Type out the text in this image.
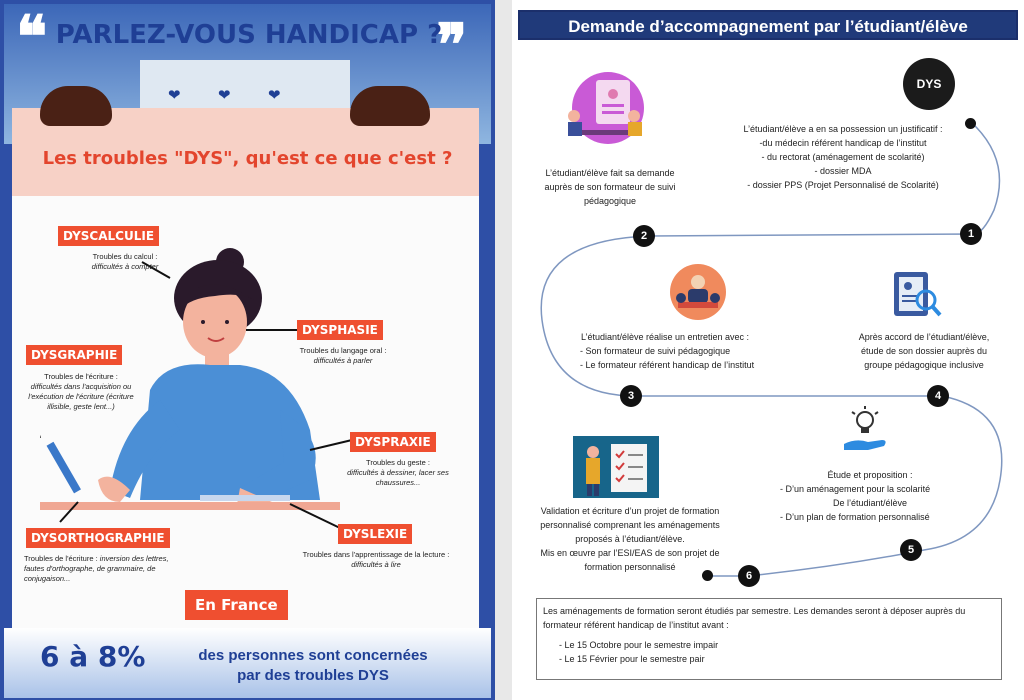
❤ ❤ ❤
❝	❞
PARLEZ-VOUS HANDICAP ?
Les troubles "DYS", qu'est ce que c'est ?
DYSCALCULIE
Troubles du calcul :
difficultés à compter
DYSPHASIE
Troubles du langage oral :
difficultés à parler
DYSGRAPHIE
Troubles de l'écriture :
difficultés dans l'acquisition ou l'exécution de l'écriture (écriture illisible, geste lent...)
DYSPRAXIE
Troubles du geste :
difficultés à dessiner, lacer ses chaussures...
DYSORTHOGRAPHIE
Troubles de l'écriture : inversion des lettres, fautes d'orthographe, de grammaire, de conjugaison...
DYSLEXIE
Troubles dans l'apprentissage de la lecture :
difficultés à lire
En France
6 à 8%	des personnes sont concernées
par des troubles DYS
Demande d’accompagnement par l’étudiant/élève
DYS
L’étudiant/élève a en sa possession un justificatif :
-du médecin référent handicap de l’institut
- du rectorat (aménagement de scolarité)
- dossier MDA
- dossier PPS (Projet Personnalisé de Scolarité)
1
L’étudiant/élève fait sa demande
auprès de son formateur de suivi
pédagogique
2
L’étudiant/élève réalise un entretien avec :
- Son formateur de suivi pédagogique
- Le formateur référent handicap de l’institut
3
Après accord de l’étudiant/élève,
étude de son dossier auprès du
groupe pédagogique inclusive
4
Étude et proposition :
- D’un aménagement pour la scolarité
De l’étudiant/élève
- D’un plan de formation personnalisé
5
Validation et écriture d’un projet de formation
personnalisé comprenant les aménagements
proposés à l’étudiant/élève.
Mis en œuvre par l’ESI/EAS de son projet de
formation personnalisé
6
Les aménagements de formation seront étudiés par semestre. Les demandes seront à déposer auprès du formateur référent handicap de l’institut avant :
- Le 15 Octobre pour le semestre impair
- Le 15 Février pour le semestre pair
